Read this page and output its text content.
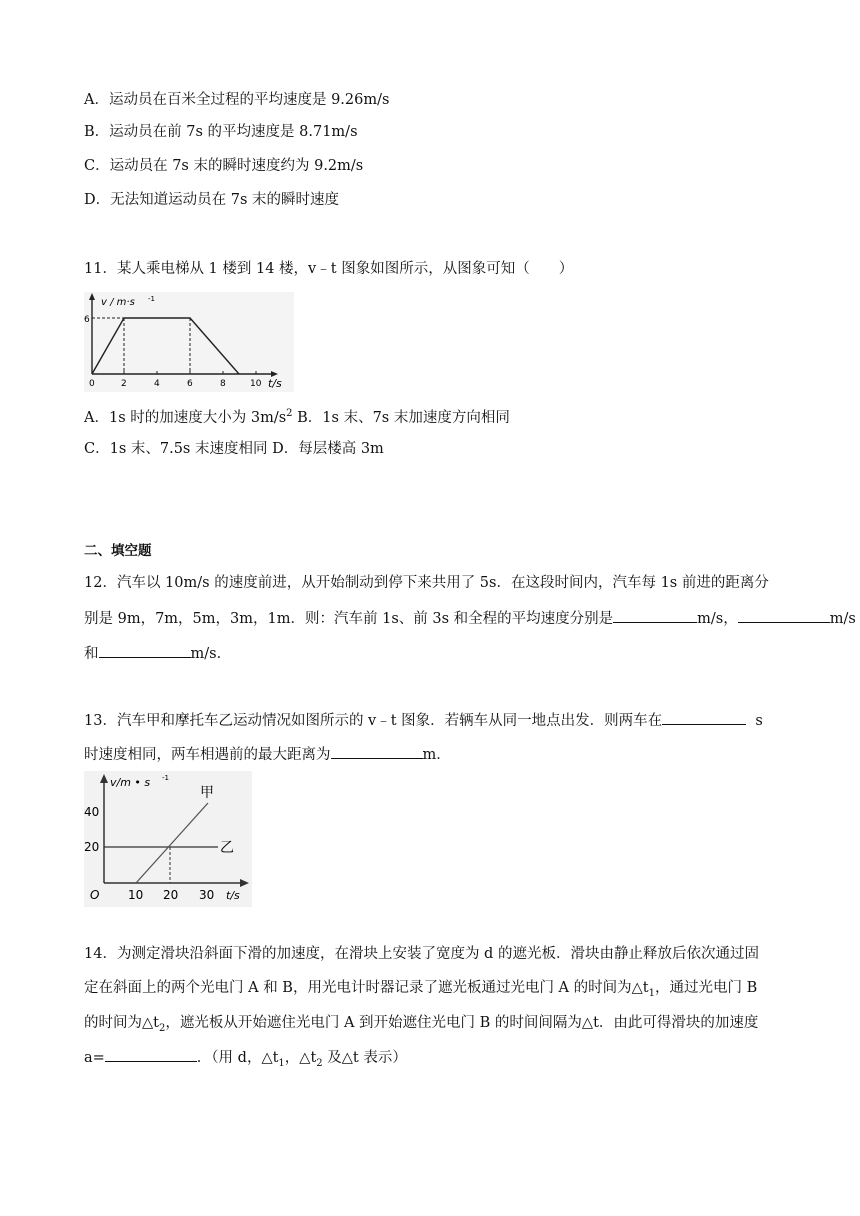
A．运动员在百米全过程的平均速度是 9.26m/s
B．运动员在前 7s 的平均速度是 8.71m/s
C．运动员在 7s 末的瞬时速度约为 9.2m/s
D．无法知道运动员在 7s 末的瞬时速度
11．某人乘电梯从 1 楼到 14 楼，v﹣t 图象如图所示，从图象可知（　　）
v / m·s -1
6
0	2	4	6	8	10 t/s
A．1s 时的加速度大小为 $3m/s^2$ B．1s 末、7s 末加速度方向相同
C．1s 末、7.5s 末速度相同 D．每层楼高 3m
二、填空题
12．汽车以 10m/s 的速度前进，从开始制动到停下来共用了 5s．在这段时间内，汽车每 1s 前进的距离分
别是 9m，7m，5m，3m，1m．则：汽车前 1s、前 3s 和全程的平均速度分别是	m/s，	m/s
和	m/s．
13．汽车甲和摩托车乙运动情况如图所示的 v﹣t 图象．若辆车从同一地点出发．则两车在	s
时速度相同，两车相遇前的最大距离为	m．
v/m • s -1
40
20
O 10 20 30 t/s
甲
乙
14．为测定滑块沿斜面下滑的加速度，在滑块上安装了宽度为 d 的遮光板．滑块由静止释放后依次通过固
定在斜面上的两个光电门 A 和 B，用光电计时器记录了遮光板通过光电门 A 的时间为$\triangle t_1$，通过光电门 B
的时间为$\triangle t_2$，遮光板从开始遮住光电门 A 到开始遮住光电门 B 的时间间隔为△t．由此可得滑块的加速度
a=	．（用 d，$\triangle t_1$，$\triangle t_2$ 及△t 表示）
